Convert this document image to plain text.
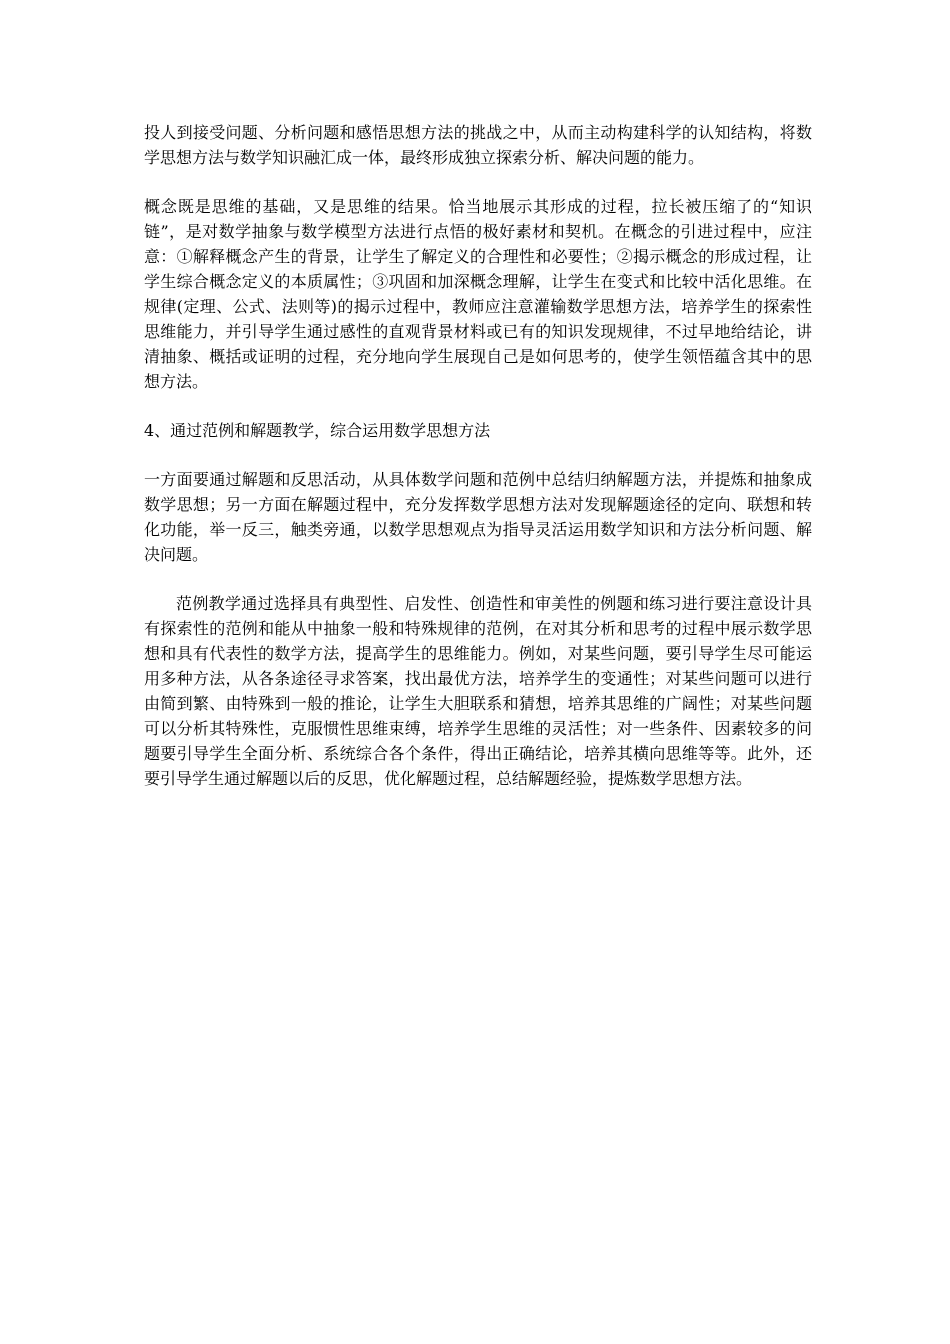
投人到接受问题、分析问题和感悟思想方法的挑战之中，从而主动构建科学的认知结构，将数学思想方法与数学知识融汇成一体，最终形成独立探索分析、解决问题的能力。

概念既是思维的基础，又是思维的结果。恰当地展示其形成的过程，拉长被压缩了的“知识链”，是对数学抽象与数学模型方法进行点悟的极好素材和契机。在概念的引进过程中，应注意：①解释概念产生的背景，让学生了解定义的合理性和必要性；②揭示概念的形成过程，让学生综合概念定义的本质属性；③巩固和加深概念理解，让学生在变式和比较中活化思维。在规律(定理、公式、法则等)的揭示过程中，教师应注意灌输数学思想方法，培养学生的探索性思维能力，并引导学生通过感性的直观背景材料或已有的知识发现规律，不过早地给结论，讲清抽象、概括或证明的过程，充分地向学生展现自己是如何思考的，使学生领悟蕴含其中的思想方法。

4、通过范例和解题教学，综合运用数学思想方法

一方面要通过解题和反思活动，从具体数学问题和范例中总结归纳解题方法，并提炼和抽象成数学思想；另一方面在解题过程中，充分发挥数学思想方法对发现解题途径的定向、联想和转化功能，举一反三，触类旁通，以数学思想观点为指导灵活运用数学知识和方法分析问题、解决问题。

范例教学通过选择具有典型性、启发性、创造性和审美性的例题和练习进行要注意设计具有探索性的范例和能从中抽象一般和特殊规律的范例，在对其分析和思考的过程中展示数学思想和具有代表性的数学方法，提高学生的思维能力。例如，对某些问题，要引导学生尽可能运用多种方法，从各条途径寻求答案，找出最优方法，培养学生的变通性；对某些问题可以进行由简到繁、由特殊到一般的推论，让学生大胆联系和猜想，培养其思维的广阔性；对某些问题可以分析其特殊性，克服惯性思维束缚，培养学生思维的灵活性；对一些条件、因素较多的问题要引导学生全面分析、系统综合各个条件，得出正确结论，培养其横向思维等等。此外，还要引导学生通过解题以后的反思，优化解题过程，总结解题经验，提炼数学思想方法。
